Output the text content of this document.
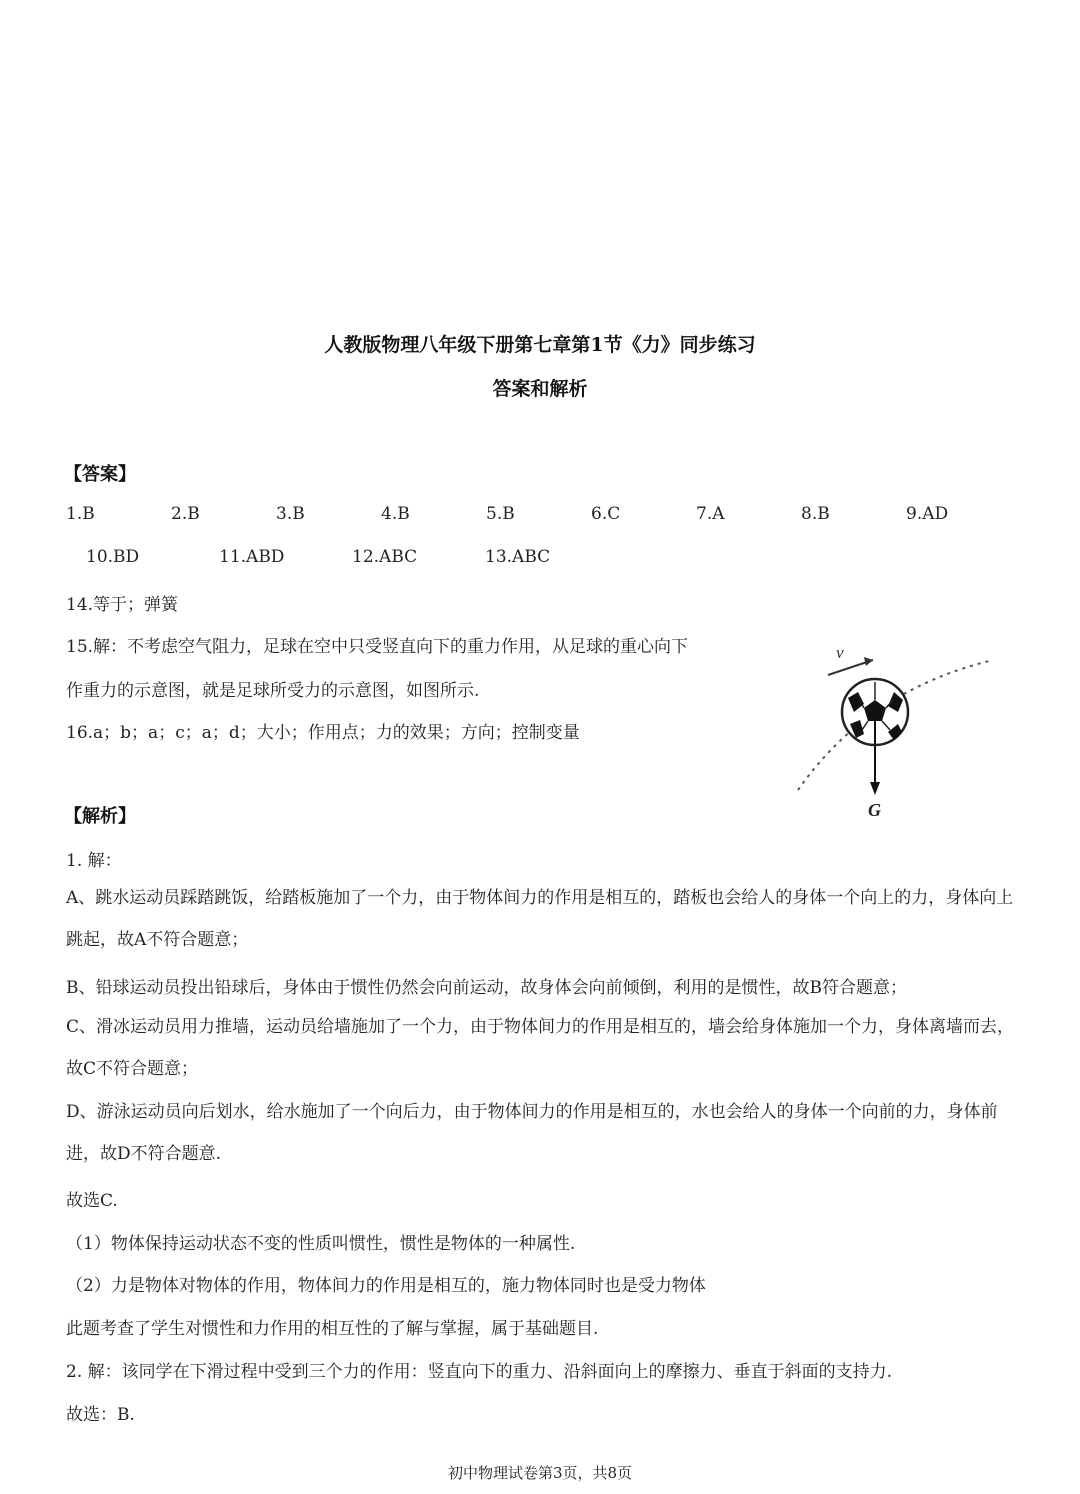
人教版物理八年级下册第七章第1节《力》同步练习
答案和解析
【答案】
1.B	2.B	3.B	4.B	5.B	6.C	7.A	8.B	9.AD
10.BD	11.ABD	12.ABC	13.ABC
14.等于；弹簧
15.解：不考虑空气阻力，足球在空中只受竖直向下的重力作用，从足球的重心向下
作重力的示意图，就是足球所受力的示意图，如图所示.
16.a；b；a；c；a；d；大小；作用点；力的效果；方向；控制变量
v
G
【解析】
1. 解：
A、跳水运动员踩踏跳饭，给踏板施加了一个力，由于物体间力的作用是相互的，踏板也会给人的身体一个向上的力，身体向上跳起，故A不符合题意；
B、铅球运动员投出铅球后，身体由于惯性仍然会向前运动，故身体会向前倾倒，利用的是惯性，故B符合题意；
C、滑冰运动员用力推墙，运动员给墙施加了一个力，由于物体间力的作用是相互的，墙会给身体施加一个力，身体离墙而去，故C不符合题意；
D、游泳运动员向后划水，给水施加了一个向后力，由于物体间力的作用是相互的，水也会给人的身体一个向前的力，身体前进，故D不符合题意.
故选C.
（1）物体保持运动状态不变的性质叫惯性，惯性是物体的一种属性.
（2）力是物体对物体的作用，物体间力的作用是相互的，施力物体同时也是受力物体
此题考查了学生对惯性和力作用的相互性的了解与掌握，属于基础题目.
2. 解：该同学在下滑过程中受到三个力的作用：竖直向下的重力、沿斜面向上的摩擦力、垂直于斜面的支持力.
故选：B.
初中物理试卷第3页，共8页
